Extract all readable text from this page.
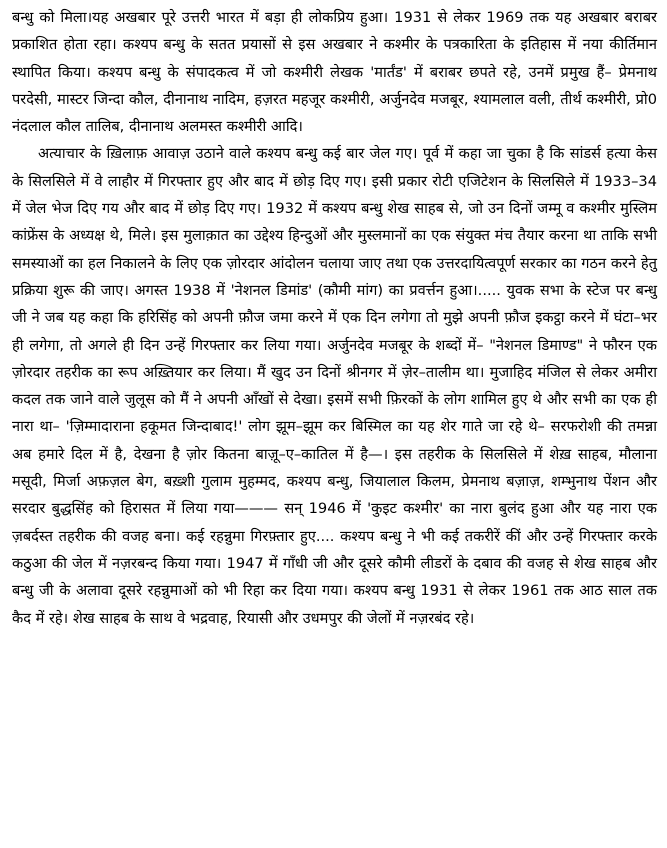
बन्धु को मिला।यह अखबार पूरे उत्तरी भारत में बड़ा ही लोकप्रिय हुआ। 1931 से लेकर 1969 तक यह अखबार बराबर प्रकाशित होता रहा। कश्यप बन्धु के सतत प्रयासों से इस अखबार ने कश्मीर के पत्रकारिता के इतिहास में नया कीर्तिमान स्थापित किया। कश्यप बन्धु के संपादकत्व में जो कश्मीरी लेखक 'मार्तंड' में बराबर छपते रहे, उनमें प्रमुख हैं– प्रेमनाथ परदेसी, मास्टर जिन्दा कौल, दीनानाथ नादिम, हज़रत महजूर कश्मीरी, अर्जुनदेव मजबूर, श्यामलाल वली, तीर्थ कश्मीरी, प्रो0 नंदलाल कौल तालिब, दीनानाथ अलमस्त कश्मीरी आदि।

अत्याचार के ख़िलाफ़ आवाज़ उठाने वाले कश्यप बन्धु कई बार जेल गए। पूर्व में कहा जा चुका है कि सांडर्स हत्या केस के सिलसिले में वे लाहौर में गिरफ्तार हुए और बाद में छोड़ दिए गए। इसी प्रकार रोटी एजिटेशन के सिलसिले में 1933–34 में जेल भेज दिए गय और बाद में छोड़ दिए गए। 1932 में कश्यप बन्धु शेख साहब से, जो उन दिनों जम्मू व कश्मीर मुस्लिम कांफ्रेंस के अध्यक्ष थे, मिले। इस मुलाक़ात का उद्देश्य हिन्दुओं और मुस्लमानों का एक संयुक्त मंच तैयार करना था ताकि सभी समस्याओं का हल निकालने के लिए एक ज़ोरदार आंदोलन चलाया जाए तथा एक उत्तरदायित्वपूर्ण सरकार का गठन करने हेतु प्रक्रिया शुरू की जाए। अगस्त 1938 में 'नेशनल डिमांड' (कौमी मांग) का प्रवर्त्तन हुआ।..... युवक सभा के स्टेज पर बन्धु जी ने जब यह कहा कि हरिसिंह को अपनी फ़ौज जमा करने में एक दिन लगेगा तो मुझे अपनी फ़ौज इकट्ठा करने में घंटा–भर ही लगेगा, तो अगले ही दिन उन्हें गिरफ्तार कर लिया गया। अर्जुनदेव मजबूर के शब्दों में– "नेशनल डिमाण्ड" ने फौरन एक ज़ोरदार तहरीक का रूप अख़्तियार कर लिया। मैं खुद उन दिनों श्रीनगर में ज़ेर–तालीम था। मुजाहिद मंजिल से लेकर अमीरा कदल तक जाने वाले जुलूस को मैं ने अपनी आँखों से देखा। इसमें सभी फ़िरकों के लोग शामिल हुए थे और सभी का एक ही नारा था– 'ज़िम्मादाराना हकूमत जिन्दाबाद!' लोग झूम–झूम कर बिस्मिल का यह शेर गाते जा रहे थे– सरफरोशी की तमन्ना अब हमारे दिल में है, देखना है ज़ोर कितना बाज़ू–ए–कातिल में है—। इस तहरीक के सिलसिले में शेख़ साहब, मौलाना मसूदी, मिर्जा अफ़ज़ल बेग, बख़्शी गुलाम मुहम्मद, कश्यप बन्धु, जियालाल किलम, प्रेमनाथ बज़ाज़, शम्भुनाथ पेंशन और सरदार बुद्धसिंह को हिरासत में लिया गया——— सन् 1946 में 'कुइट कश्मीर' का नारा बुलंद हुआ और यह नारा एक ज़बर्दस्त तहरीक की वजह बना। कई रहन्नुमा गिरफ़्तार हुए.... कश्यप बन्धु ने भी कई तकरीरें कीं और उन्हें गिरफ्तार करके कठुआ की जेल में नज़रबन्द किया गया। 1947 में गाँधी जी और दूसरे कौमी लीडरों के दबाव की वजह से शेख साहब और बन्धु जी के अलावा दूसरे रहन्नुमाओं को भी रिहा कर दिया गया। कश्यप बन्धु 1931 से लेकर 1961 तक आठ साल तक कैद में रहे। शेख साहब के साथ वे भद्रवाह, रियासी और उधमपुर की जेलों में नज़रबंद रहे।
